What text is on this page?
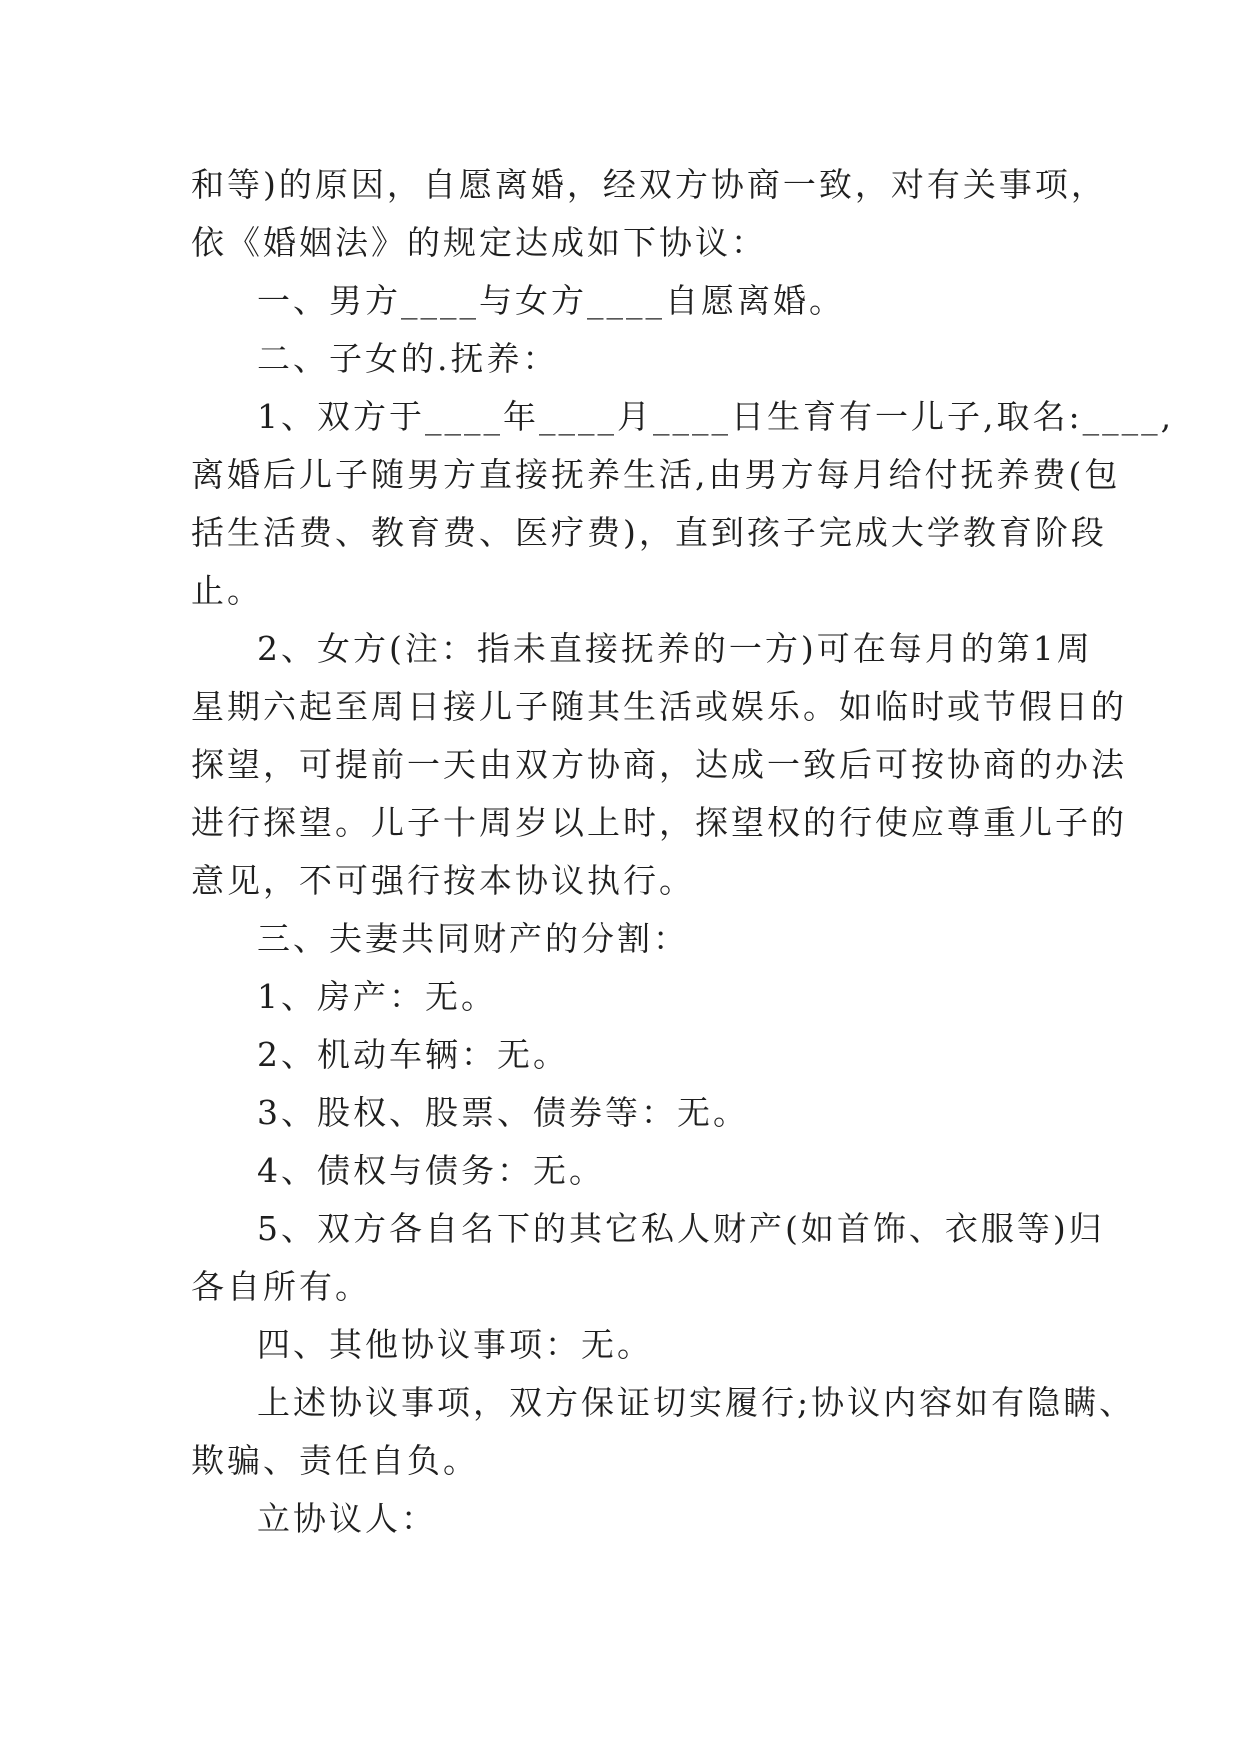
和等)的原因，自愿离婚，经双方协商一致，对有关事项，
依《婚姻法》的规定达成如下协议：
一、男方____与女方____自愿离婚。
二、子女的.抚养：
1、双方于____年____月____日生育有一儿子,取名:____,
离婚后儿子随男方直接抚养生活,由男方每月给付抚养费(包
括生活费、教育费、医疗费)，直到孩子完成大学教育阶段
止。
2、女方(注：指未直接抚养的一方)可在每月的第1周
星期六起至周日接儿子随其生活或娱乐。如临时或节假日的
探望，可提前一天由双方协商，达成一致后可按协商的办法
进行探望。儿子十周岁以上时，探望权的行使应尊重儿子的
意见，不可强行按本协议执行。
三、夫妻共同财产的分割：
1、房产：无。
2、机动车辆：无。
3、股权、股票、债券等：无。
4、债权与债务：无。
5、双方各自名下的其它私人财产(如首饰、衣服等)归
各自所有。
四、其他协议事项：无。
上述协议事项，双方保证切实履行;协议内容如有隐瞒、
欺骗、责任自负。
立协议人：
